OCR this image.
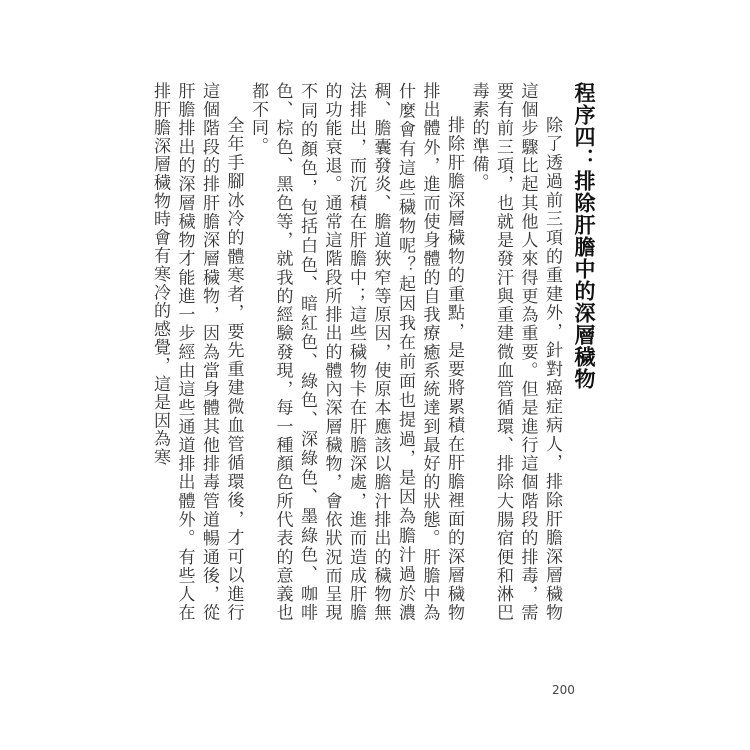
程序四：排除肝膽中的深層穢物

除了透過前三項的重建外，針對癌症病人，排除肝膽深層穢物這個步驟比起其他人來得更為重要。但是進行這個階段的排毒，需要有前三項，也就是發汗與重建微血管循環、排除大腸宿便和淋巴毒素的準備。

排除肝膽深層穢物的重點，是要將累積在肝膽裡面的深層穢物排出體外，進而使身體的自我療癒系統達到最好的狀態。肝膽中為什麼會有這些穢物呢？起因我在前面也提過，是因為膽汁過於濃稠、膽囊發炎、膽道狹窄等原因，使原本應該以膽汁排出的穢物無法排出，而沉積在肝膽中；這些穢物卡在肝膽深處，進而造成肝膽的功能衰退。通常這階段所排出的體內深層穢物，會依狀況而呈現不同的顏色，包括白色、暗紅色、綠色、深綠色、墨綠色、咖啡色、棕色、黑色等，就我的經驗發現，每一種顏色所代表的意義也都不同。

全年手腳冰冷的體寒者，要先重建微血管循環後，才可以進行這個階段的排肝膽深層穢物，因為當身體其他排毒管道暢通後，從肝膽排出的深層穢物才能進一步經由這些通道排出體外。有些人在排肝膽深層穢物時會有寒冷的感覺，這是因為寒

200
